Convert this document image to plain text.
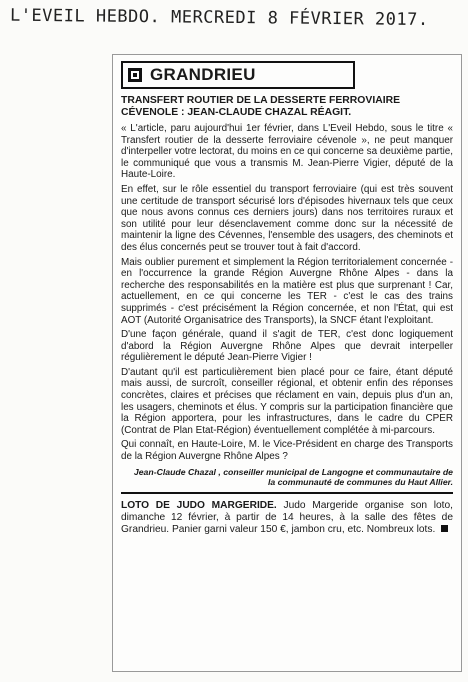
L'EVEIL HEBDO. MERCREDI 8 FÉVRIER 2017.
GRANDRIEU
TRANSFERT ROUTIER DE LA DESSERTE FERROVIAIRE CÉVENOLE : JEAN-CLAUDE CHAZAL RÉAGIT.

« L'article, paru aujourd'hui 1er février, dans L'Eveil Hebdo, sous le titre « Transfert routier de la desserte ferroviaire cévenole », ne peut manquer d'interpeller votre lectorat, du moins en ce qui concerne sa deuxième partie, le communiqué que vous a transmis M. Jean-Pierre Vigier, député de la Haute-Loire.

En effet, sur le rôle essentiel du transport ferroviaire (qui est très souvent une certitude de transport sécurisé lors d'épisodes hivernaux tels que ceux que nous avons connus ces derniers jours) dans nos territoires ruraux et son utilité pour leur désenclavement comme donc sur la nécessité de maintenir la ligne des Cévennes, l'ensemble des usagers, des cheminots et des élus concernés peut se trouver tout à fait d'accord.

Mais oublier purement et simplement la Région territorialement concernée - en l'occurrence la grande Région Auvergne Rhône Alpes - dans la recherche des responsabilités en la matière est plus que surprenant ! Car, actuellement, en ce qui concerne les TER - c'est le cas des trains supprimés - c'est précisément la Région concernée, et non l'État, qui est AOT (Autorité Organisatrice des Transports), la SNCF étant l'exploitant.

D'une façon générale, quand il s'agit de TER, c'est donc logiquement d'abord la Région Auvergne Rhône Alpes que devrait interpeller régulièrement le député Jean-Pierre Vigier !

D'autant qu'il est particulièrement bien placé pour ce faire, étant député mais aussi, de surcroît, conseiller régional, et obtenir enfin des réponses concrètes, claires et précises que réclament en vain, depuis plus d'un an, les usagers, cheminots et élus. Y compris sur la participation financière que la Région apportera, pour les infrastructures, dans le cadre du CPER (Contrat de Plan Etat-Région) éventuellement complétée à mi-parcours.

Qui connaît, en Haute-Loire, M. le Vice-Président en charge des Transports de la Région Auvergne Rhône Alpes ?

Jean-Claude Chazal , conseiller municipal de Langogne et communautaire de
la communauté de communes du Haut Allier.
LOTO DE JUDO MARGERIDE. Judo Margeride organise son loto, dimanche 12 février, à partir de 14 heures, à la salle des fêtes de Grandrieu. Panier garni valeur 150 €, jambon cru, etc. Nombreux lots.
